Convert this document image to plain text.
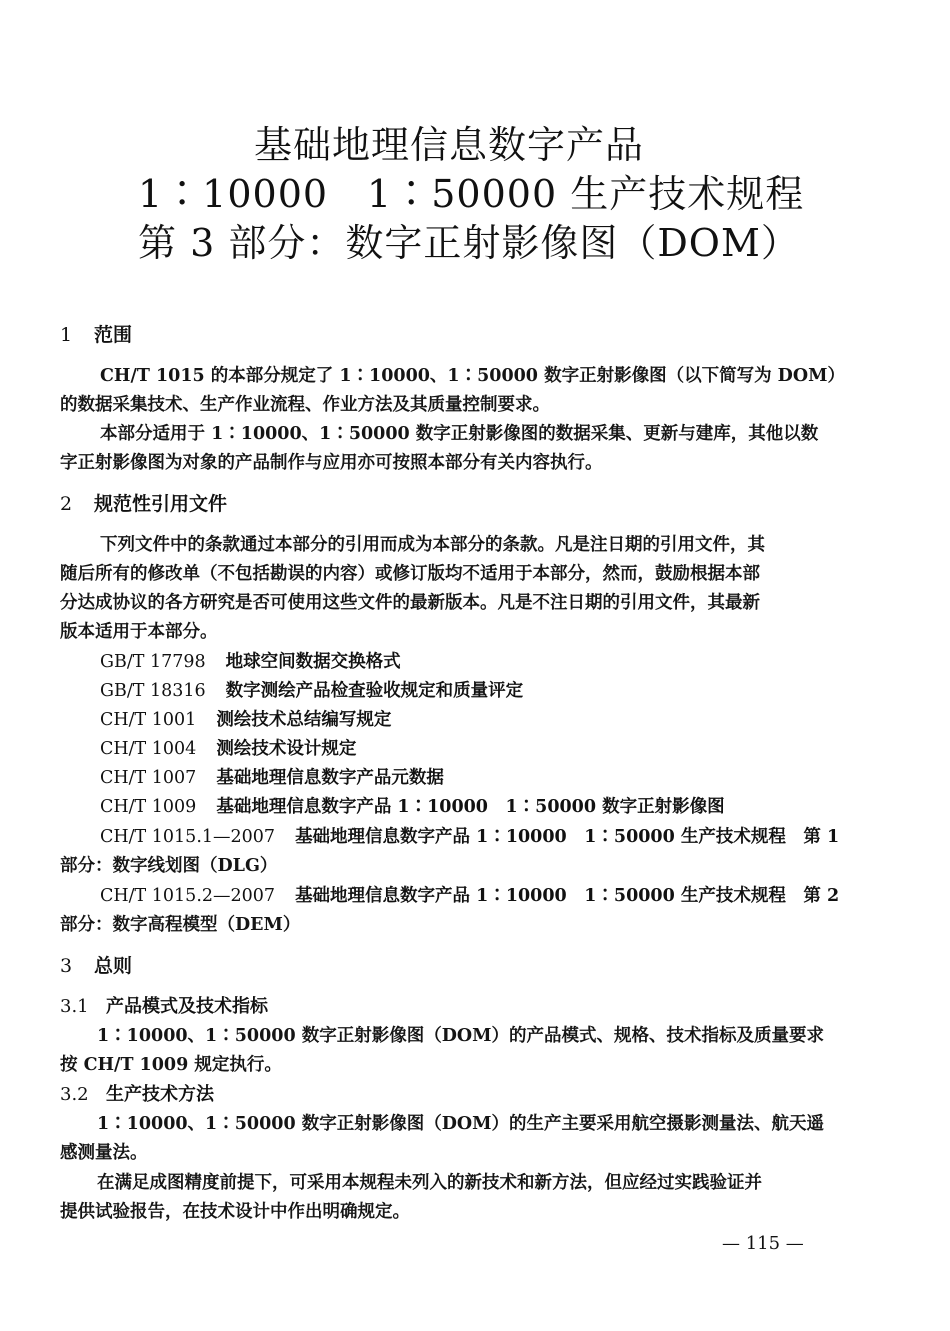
基础地理信息数字产品
1∶10000　1∶50000 生产技术规程
第 3 部分：数字正射影像图（DOM）
1 范围
CH/T 1015 的本部分规定了 1∶10000、1∶50000 数字正射影像图（以下简写为 DOM）
的数据采集技术、生产作业流程、作业方法及其质量控制要求。
本部分适用于 1∶10000、1∶50000 数字正射影像图的数据采集、更新与建库，其他以数
字正射影像图为对象的产品制作与应用亦可按照本部分有关内容执行。
2 规范性引用文件
下列文件中的条款通过本部分的引用而成为本部分的条款。凡是注日期的引用文件，其
随后所有的修改单（不包括勘误的内容）或修订版均不适用于本部分，然而，鼓励根据本部
分达成协议的各方研究是否可使用这些文件的最新版本。凡是不注日期的引用文件，其最新
版本适用于本部分。
GB/T 17798 地球空间数据交换格式
GB/T 18316 数字测绘产品检查验收规定和质量评定
CH/T 1001 测绘技术总结编写规定
CH/T 1004 测绘技术设计规定
CH/T 1007 基础地理信息数字产品元数据
CH/T 1009 基础地理信息数字产品 1∶10000　1∶50000 数字正射影像图
CH/T 1015.1—2007 基础地理信息数字产品 1∶10000　1∶50000 生产技术规程　第 1
部分：数字线划图（DLG）
CH/T 1015.2—2007 基础地理信息数字产品 1∶10000　1∶50000 生产技术规程　第 2
部分：数字高程模型（DEM）
3 总则
3.1 产品模式及技术指标
1∶10000、1∶50000 数字正射影像图（DOM）的产品模式、规格、技术指标及质量要求
按 CH/T 1009 规定执行。
3.2 生产技术方法
1∶10000、1∶50000 数字正射影像图（DOM）的生产主要采用航空摄影测量法、航天遥
感测量法。
在满足成图精度前提下，可采用本规程未列入的新技术和新方法，但应经过实践验证并
提供试验报告，在技术设计中作出明确规定。
— 115 —
